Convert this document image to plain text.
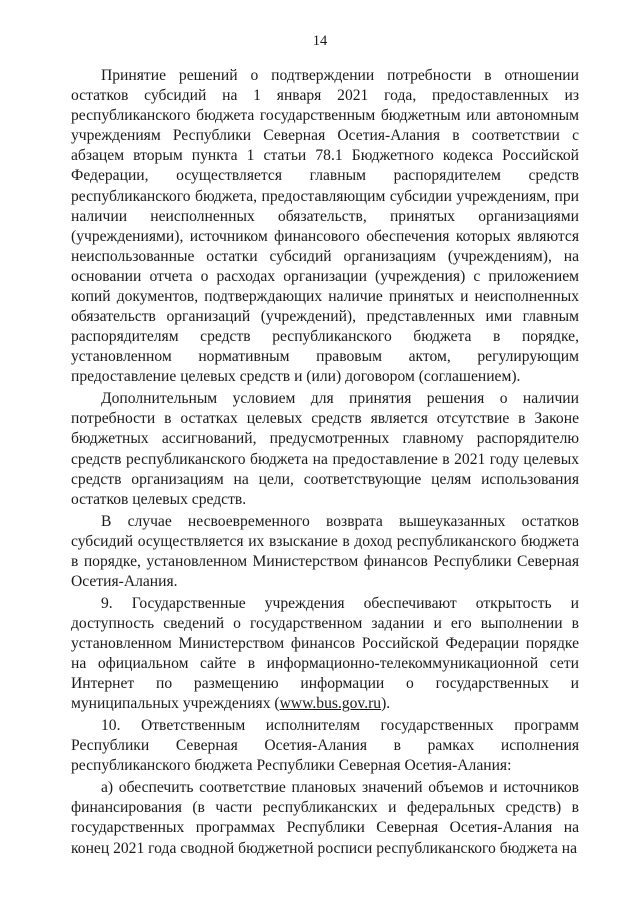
14

Принятие решений о подтверждении потребности в отношении остатков субсидий на 1 января 2021 года, предоставленных из республиканского бюджета государственным бюджетным или автономным учреждениям Республики Северная Осетия-Алания в соответствии с абзацем вторым пункта 1 статьи 78.1 Бюджетного кодекса Российской Федерации, осуществляется главным распорядителем средств республиканского бюджета, предоставляющим субсидии учреждениям, при наличии неисполненных обязательств, принятых организациями (учреждениями), источником финансового обеспечения которых являются неиспользованные остатки субсидий организациям (учреждениям), на основании отчета о расходах организации (учреждения) с приложением копий документов, подтверждающих наличие принятых и неисполненных обязательств организаций (учреждений), представленных ими главным распорядителям средств республиканского бюджета в порядке, установленном нормативным правовым актом, регулирующим предоставление целевых средств и (или) договором (соглашением).

Дополнительным условием для принятия решения о наличии потребности в остатках целевых средств является отсутствие в Законе бюджетных ассигнований, предусмотренных главному распорядителю средств республиканского бюджета на предоставление в 2021 году целевых средств организациям на цели, соответствующие целям использования остатков целевых средств.

В случае несвоевременного возврата вышеуказанных остатков субсидий осуществляется их взыскание в доход республиканского бюджета в порядке, установленном Министерством финансов Республики Северная Осетия-Алания.

9. Государственные учреждения обеспечивают открытость и доступность сведений о государственном задании и его выполнении в установленном Министерством финансов Российской Федерации порядке на официальном сайте в информационно-телекоммуникационной сети Интернет по размещению информации о государственных и муниципальных учреждениях (www.bus.gov.ru).

10. Ответственным исполнителям государственных программ Республики Северная Осетия-Алания в рамках исполнения республиканского бюджета Республики Северная Осетия-Алания:

а) обеспечить соответствие плановых значений объемов и источников финансирования (в части республиканских и федеральных средств) в государственных программах Республики Северная Осетия-Алания на конец 2021 года сводной бюджетной росписи республиканского бюджета на
